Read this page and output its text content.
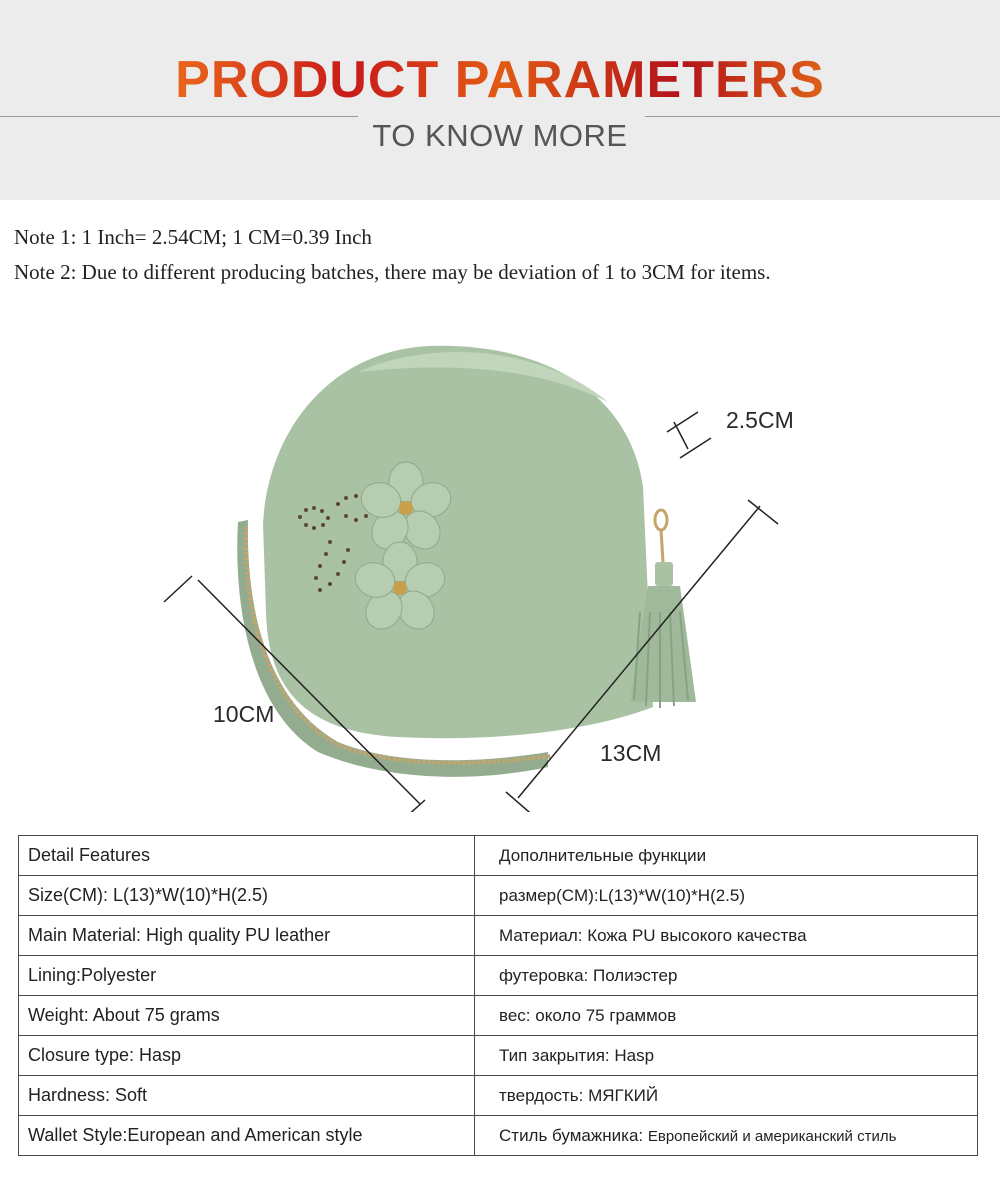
PRODUCT PARAMETERS
TO KNOW MORE
Note 1: 1 Inch= 2.54CM; 1 CM=0.39 Inch
Note 2: Due to different producing batches, there may be deviation of 1 to 3CM for items.
2.5CM
10CM
13CM
Detail Features	Дополнительные функции
Size(CM): L(13)*W(10)*H(2.5)	размер(CM):L(13)*W(10)*H(2.5)
Main Material: High quality PU leather	Материал: Кожа PU высокого качества
Lining:Polyester	футеровка: Полиэстер
Weight: About 75 grams	вес: около 75 граммов
Closure type: Hasp	Тип закрытия: Hasp
Hardness: Soft	твердость: МЯГКИЙ
Wallet Style:European and American style	Стиль бумажника: Европейский и американский стиль
